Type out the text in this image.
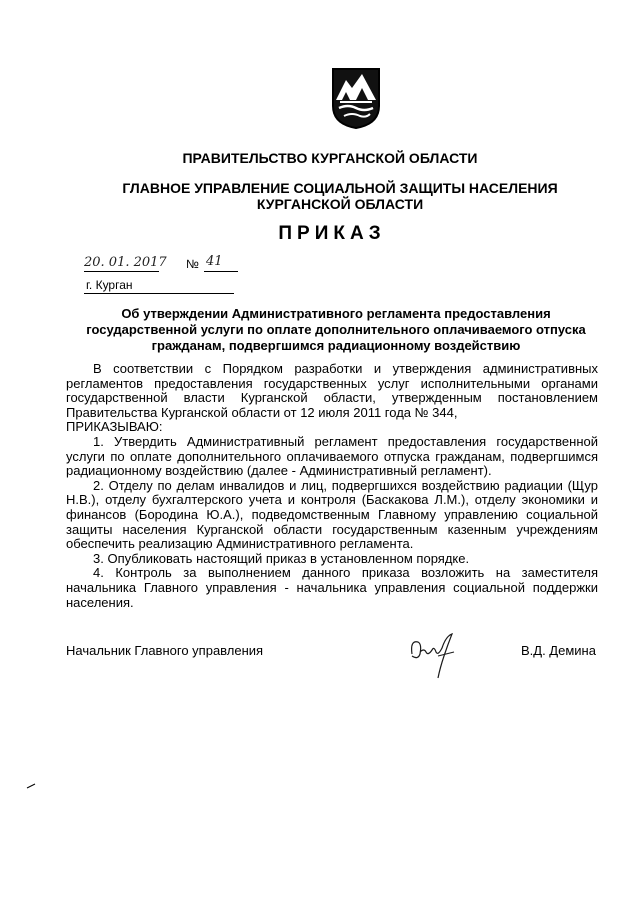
ПРАВИТЕЛЬСТВО КУРГАНСКОЙ ОБЛАСТИ
ГЛАВНОЕ УПРАВЛЕНИЕ СОЦИАЛЬНОЙ ЗАЩИТЫ НАСЕЛЕНИЯ
КУРГАНСКОЙ ОБЛАСТИ
ПРИКАЗ
20. 01. 2017 № 41
г. Курган
Об утверждении Административного регламента предоставления
государственной услуги по оплате дополнительного оплачиваемого отпуска
гражданам, подвергшимся радиационному воздействию

В соответствии с Порядком разработки и утверждения административных регламентов предоставления государственных услуг исполнительными органами государственной власти Курганской области, утвержденным постановлением Правительства Курганской области от 12 июля 2011 года № 344,

ПРИКАЗЫВАЮ:

1. Утвердить Административный регламент предоставления государственной услуги по оплате дополнительного оплачиваемого отпуска гражданам, подвергшимся радиационному воздействию (далее - Административный регламент).

2. Отделу по делам инвалидов и лиц, подвергшихся воздействию радиации (Щур Н.В.), отделу бухгалтерского учета и контроля (Баскакова Л.М.), отделу экономики и финансов (Бородина Ю.А.), подведомственным Главному управлению социальной защиты населения Курганской области государственным казенным учреждениям обеспечить реализацию Административного регламента.

3. Опубликовать настоящий приказ в установленном порядке.

4. Контроль за выполнением данного приказа возложить на заместителя начальника Главного управления - начальника управления социальной поддержки населения.

Начальник Главного управления	В.Д. Демина
